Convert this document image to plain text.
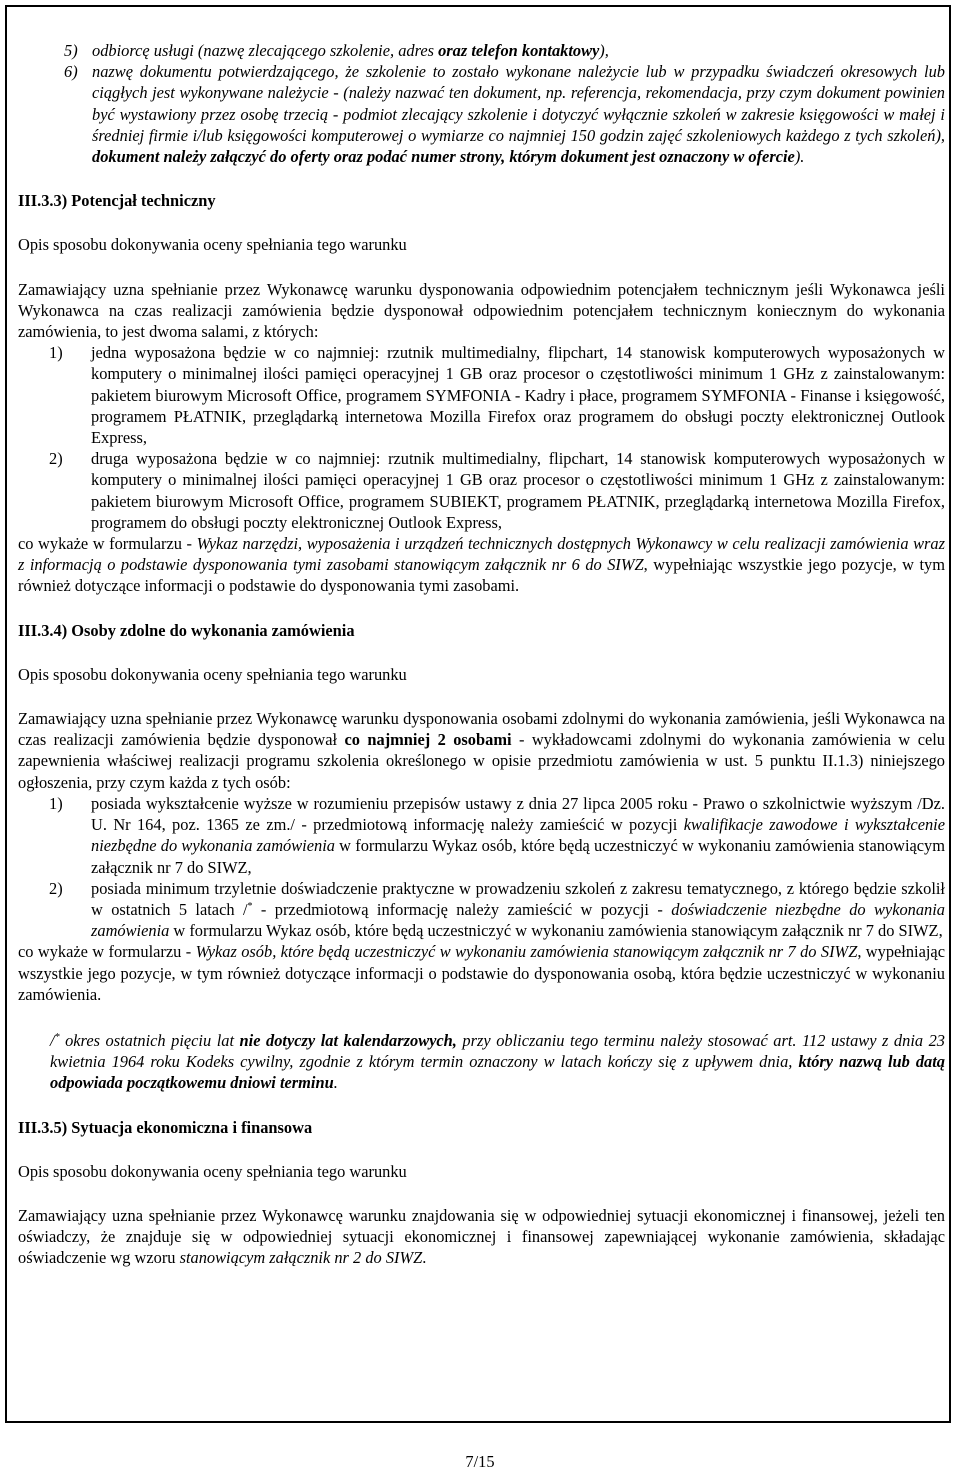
5) odbiorcę usługi (nazwę zlecającego szkolenie, adres oraz telefon kontaktowy),
6) nazwę dokumentu potwierdzającego, że szkolenie to zostało wykonane należycie lub w przypadku świadczeń okresowych lub ciągłych jest wykonywane należycie - (należy nazwać ten dokument, np. referencja, rekomendacja, przy czym dokument powinien być wystawiony przez osobę trzecią - podmiot zlecający szkolenie i dotyczyć wyłącznie szkoleń w zakresie księgowości w małej i średniej firmie i/lub księgowości komputerowej o wymiarze co najmniej 150 godzin zajęć szkoleniowych każdego z tych szkoleń), dokument należy załączyć do oferty oraz podać numer strony, którym dokument jest oznaczony w ofercie).

III.3.3) Potencjał techniczny

Opis sposobu dokonywania oceny spełniania tego warunku

Zamawiający uzna spełnianie przez Wykonawcę warunku dysponowania odpowiednim potencjałem technicznym jeśli Wykonawca jeśli Wykonawca na czas realizacji zamówienia będzie dysponował odpowiednim potencjałem technicznym koniecznym do wykonania zamówienia, to jest dwoma salami, z których:

1) jedna wyposażona będzie w co najmniej: rzutnik multimedialny, flipchart, 14 stanowisk komputerowych wyposażonych w komputery o minimalnej ilości pamięci operacyjnej 1 GB oraz procesor o częstotliwości minimum 1 GHz z zainstalowanym: pakietem biurowym Microsoft Office, programem SYMFONIA - Kadry i płace, programem SYMFONIA - Finanse i księgowość, programem PŁATNIK, przeglądarką internetowa Mozilla Firefox oraz programem do obsługi poczty elektronicznej Outlook Express,
2) druga wyposażona będzie w co najmniej: rzutnik multimedialny, flipchart, 14 stanowisk komputerowych wyposażonych w komputery o minimalnej ilości pamięci operacyjnej 1 GB oraz procesor o częstotliwości minimum 1 GHz z zainstalowanym: pakietem biurowym Microsoft Office, programem SUBIEKT, programem PŁATNIK, przeglądarką internetowa Mozilla Firefox, programem do obsługi poczty elektronicznej Outlook Express,

co wykaże w formularzu - Wykaz narzędzi, wyposażenia i urządzeń technicznych dostępnych Wykonawcy w celu realizacji zamówienia wraz z informacją o podstawie dysponowania tymi zasobami stanowiącym załącznik nr 6 do SIWZ, wypełniając wszystkie jego pozycje, w tym również dotyczące informacji o podstawie do dysponowania tymi zasobami.

III.3.4) Osoby zdolne do wykonania zamówienia

Opis sposobu dokonywania oceny spełniania tego warunku

Zamawiający uzna spełnianie przez Wykonawcę warunku dysponowania osobami zdolnymi do wykonania zamówienia, jeśli Wykonawca na czas realizacji zamówienia będzie dysponował co najmniej 2 osobami - wykładowcami zdolnymi do wykonania zamówienia w celu zapewnienia właściwej realizacji programu szkolenia określonego w opisie przedmiotu zamówienia w ust. 5 punktu II.1.3) niniejszego ogłoszenia, przy czym każda z tych osób:

1) posiada wykształcenie wyższe w rozumieniu przepisów ustawy z dnia 27 lipca 2005 roku - Prawo o szkolnictwie wyższym /Dz. U. Nr 164, poz. 1365 ze zm./ - przedmiotową informację należy zamieścić w pozycji kwalifikacje zawodowe i wykształcenie niezbędne do wykonania zamówienia w formularzu Wykaz osób, które będą uczestniczyć w wykonaniu zamówienia stanowiącym załącznik nr 7 do SIWZ,
2) posiada minimum trzyletnie doświadczenie praktyczne w prowadzeniu szkoleń z zakresu tematycznego, z którego będzie szkolił w ostatnich 5 latach /* - przedmiotową informację należy zamieścić w pozycji - doświadczenie niezbędne do wykonania zamówienia w formularzu Wykaz osób, które będą uczestniczyć w wykonaniu zamówienia stanowiącym załącznik nr 7 do SIWZ,

co wykaże w formularzu - Wykaz osób, które będą uczestniczyć w wykonaniu zamówienia stanowiącym załącznik nr 7 do SIWZ, wypełniając wszystkie jego pozycje, w tym również dotyczące informacji o podstawie do dysponowania osobą, która będzie uczestniczyć w wykonaniu zamówienia.

/* okres ostatnich pięciu lat nie dotyczy lat kalendarzowych, przy obliczaniu tego terminu należy stosować art. 112 ustawy z dnia 23 kwietnia 1964 roku Kodeks cywilny, zgodnie z którym termin oznaczony w latach kończy się z upływem dnia, który nazwą lub datą odpowiada początkowemu dniowi terminu.

III.3.5) Sytuacja ekonomiczna i finansowa

Opis sposobu dokonywania oceny spełniania tego warunku

Zamawiający uzna spełnianie przez Wykonawcę warunku znajdowania się w odpowiedniej sytuacji ekonomicznej i finansowej, jeżeli ten oświadczy, że znajduje się w odpowiedniej sytuacji ekonomicznej i finansowej zapewniającej wykonanie zamówienia, składając oświadczenie wg wzoru stanowiącym załącznik nr 2 do SIWZ.

7/15
